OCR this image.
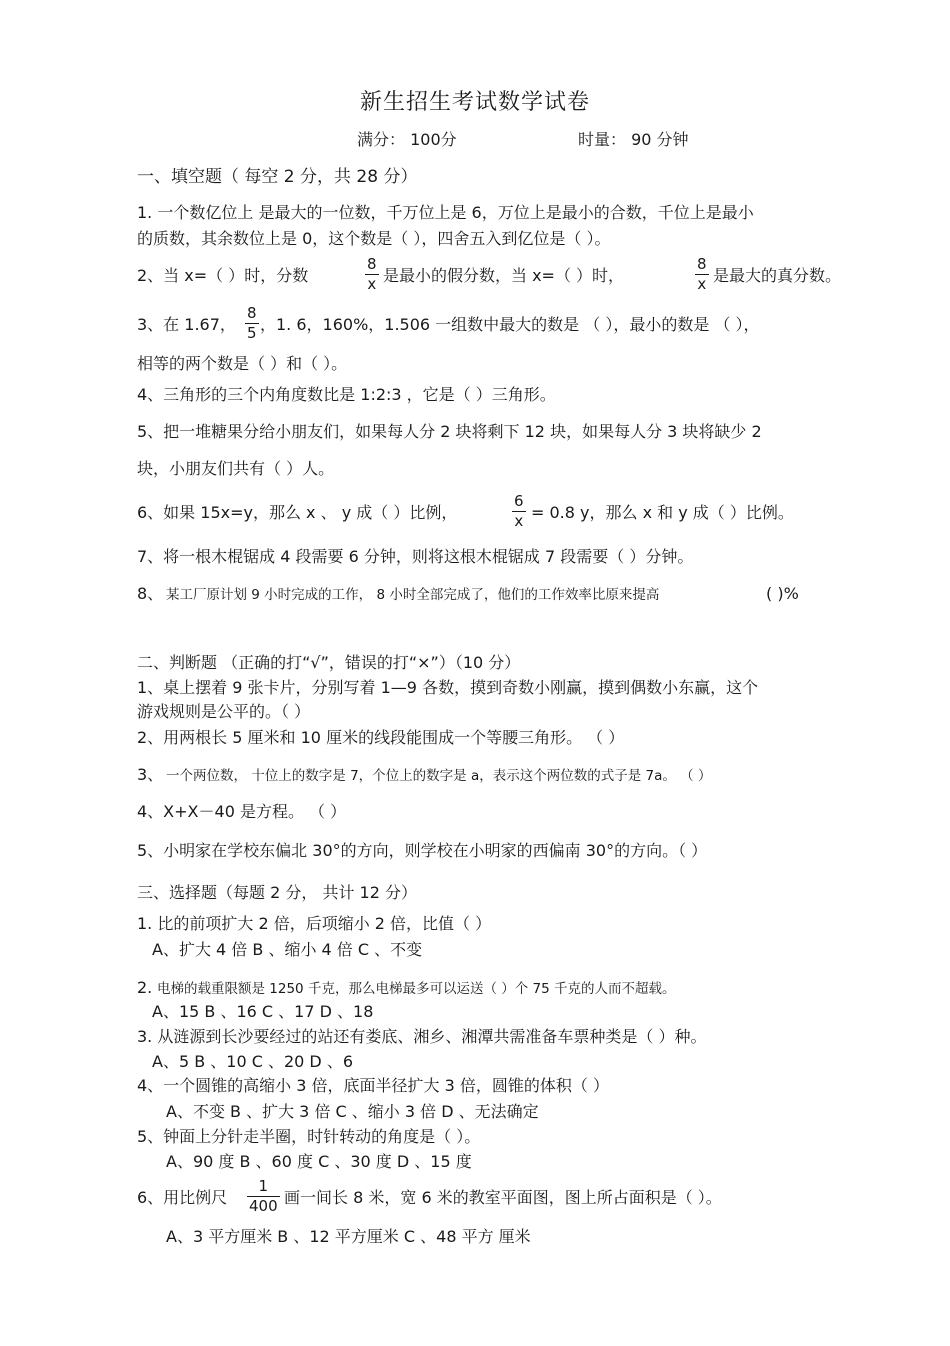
新生招生考试数学试卷
满分： 100分	时量： 90 分钟
一、填空题（ 每空 2 分，共 28 分）
1. 一个数亿位上 是最大的一位数，千万位上是 6，万位上是最小的合数，千位上是最小
的质数，其余数位上是 0，这个数是（ ），四舍五入到亿位是（ ）。
2、当 x=（ ）时，分数
8
x 是最小的假分数，当 x=（ ）时，
8
x 是最大的真分数。
3、在 1.67，
8
5 ，1. 6，160%，1.506 一组数中最大的数是 （ ），最小的数是 （ ），
相等的两个数是（ ）和（ ）。
4、三角形的三个内角度数比是 1:2:3 ，它是（ ）三角形。
5、把一堆糖果分给小朋友们，如果每人分 2 块将剩下 12 块，如果每人分 3 块将缺少 2
块，小朋友们共有（ ）人。
6、如果 15x=y，那么 x 、 y 成（ ）比例，
6
x = 0.8 y，那么 x 和 y 成（ ）比例。
7、将一根木棍锯成 4 段需要 6 分钟，则将这根木棍锯成 7 段需要（ ）分钟。
8、 某工厂原计划 9 小时完成的工作， 8 小时全部完成了，他们的工作效率比原来提高	( )%
二、判断题 （正确的打“√”，错误的打“×”）（10 分）
1、桌上摆着 9 张卡片，分别写着 1—9 各数，摸到奇数小刚赢，摸到偶数小东赢，这个
游戏规则是公平的。（ ）
2、用两根长 5 厘米和 10 厘米的线段能围成一个等腰三角形。 （ ）
3、 一个两位数， 十位上的数字是 7，个位上的数字是 a，表示这个两位数的式子是 7a。 （ ）
4、X+X－40 是方程。 （ ）
5、小明家在学校东偏北 30°的方向，则学校在小明家的西偏南 30°的方向。（ ）
三、选择题（每题 2 分， 共计 12 分）
1. 比的前项扩大 2 倍，后项缩小 2 倍，比值（ ）
A、扩大 4 倍 B 、缩小 4 倍 C 、不变
2. 电梯的载重限额是 1250 千克，那么电梯最多可以运送（ ）个 75 千克的人而不超载。
A、15 B 、16 C 、17 D 、18
3. 从涟源到长沙要经过的站还有娄底、湘乡、湘潭共需准备车票种类是（ ）种。
A、5 B 、10 C 、20 D 、6
4、一个圆锥的高缩小 3 倍，底面半径扩大 3 倍，圆锥的体积（ ）
A、不变 B 、扩大 3 倍 C 、缩小 3 倍 D 、无法确定
5、钟面上分针走半圈，时针转动的角度是（ ）。
A、90 度 B 、60 度 C 、30 度 D 、15 度
6、用比例尺
1
400 画一间长 8 米，宽 6 米的教室平面图，图上所占面积是（ ）。
A、3 平方厘米 B 、12 平方厘米 C 、48 平方 厘米
